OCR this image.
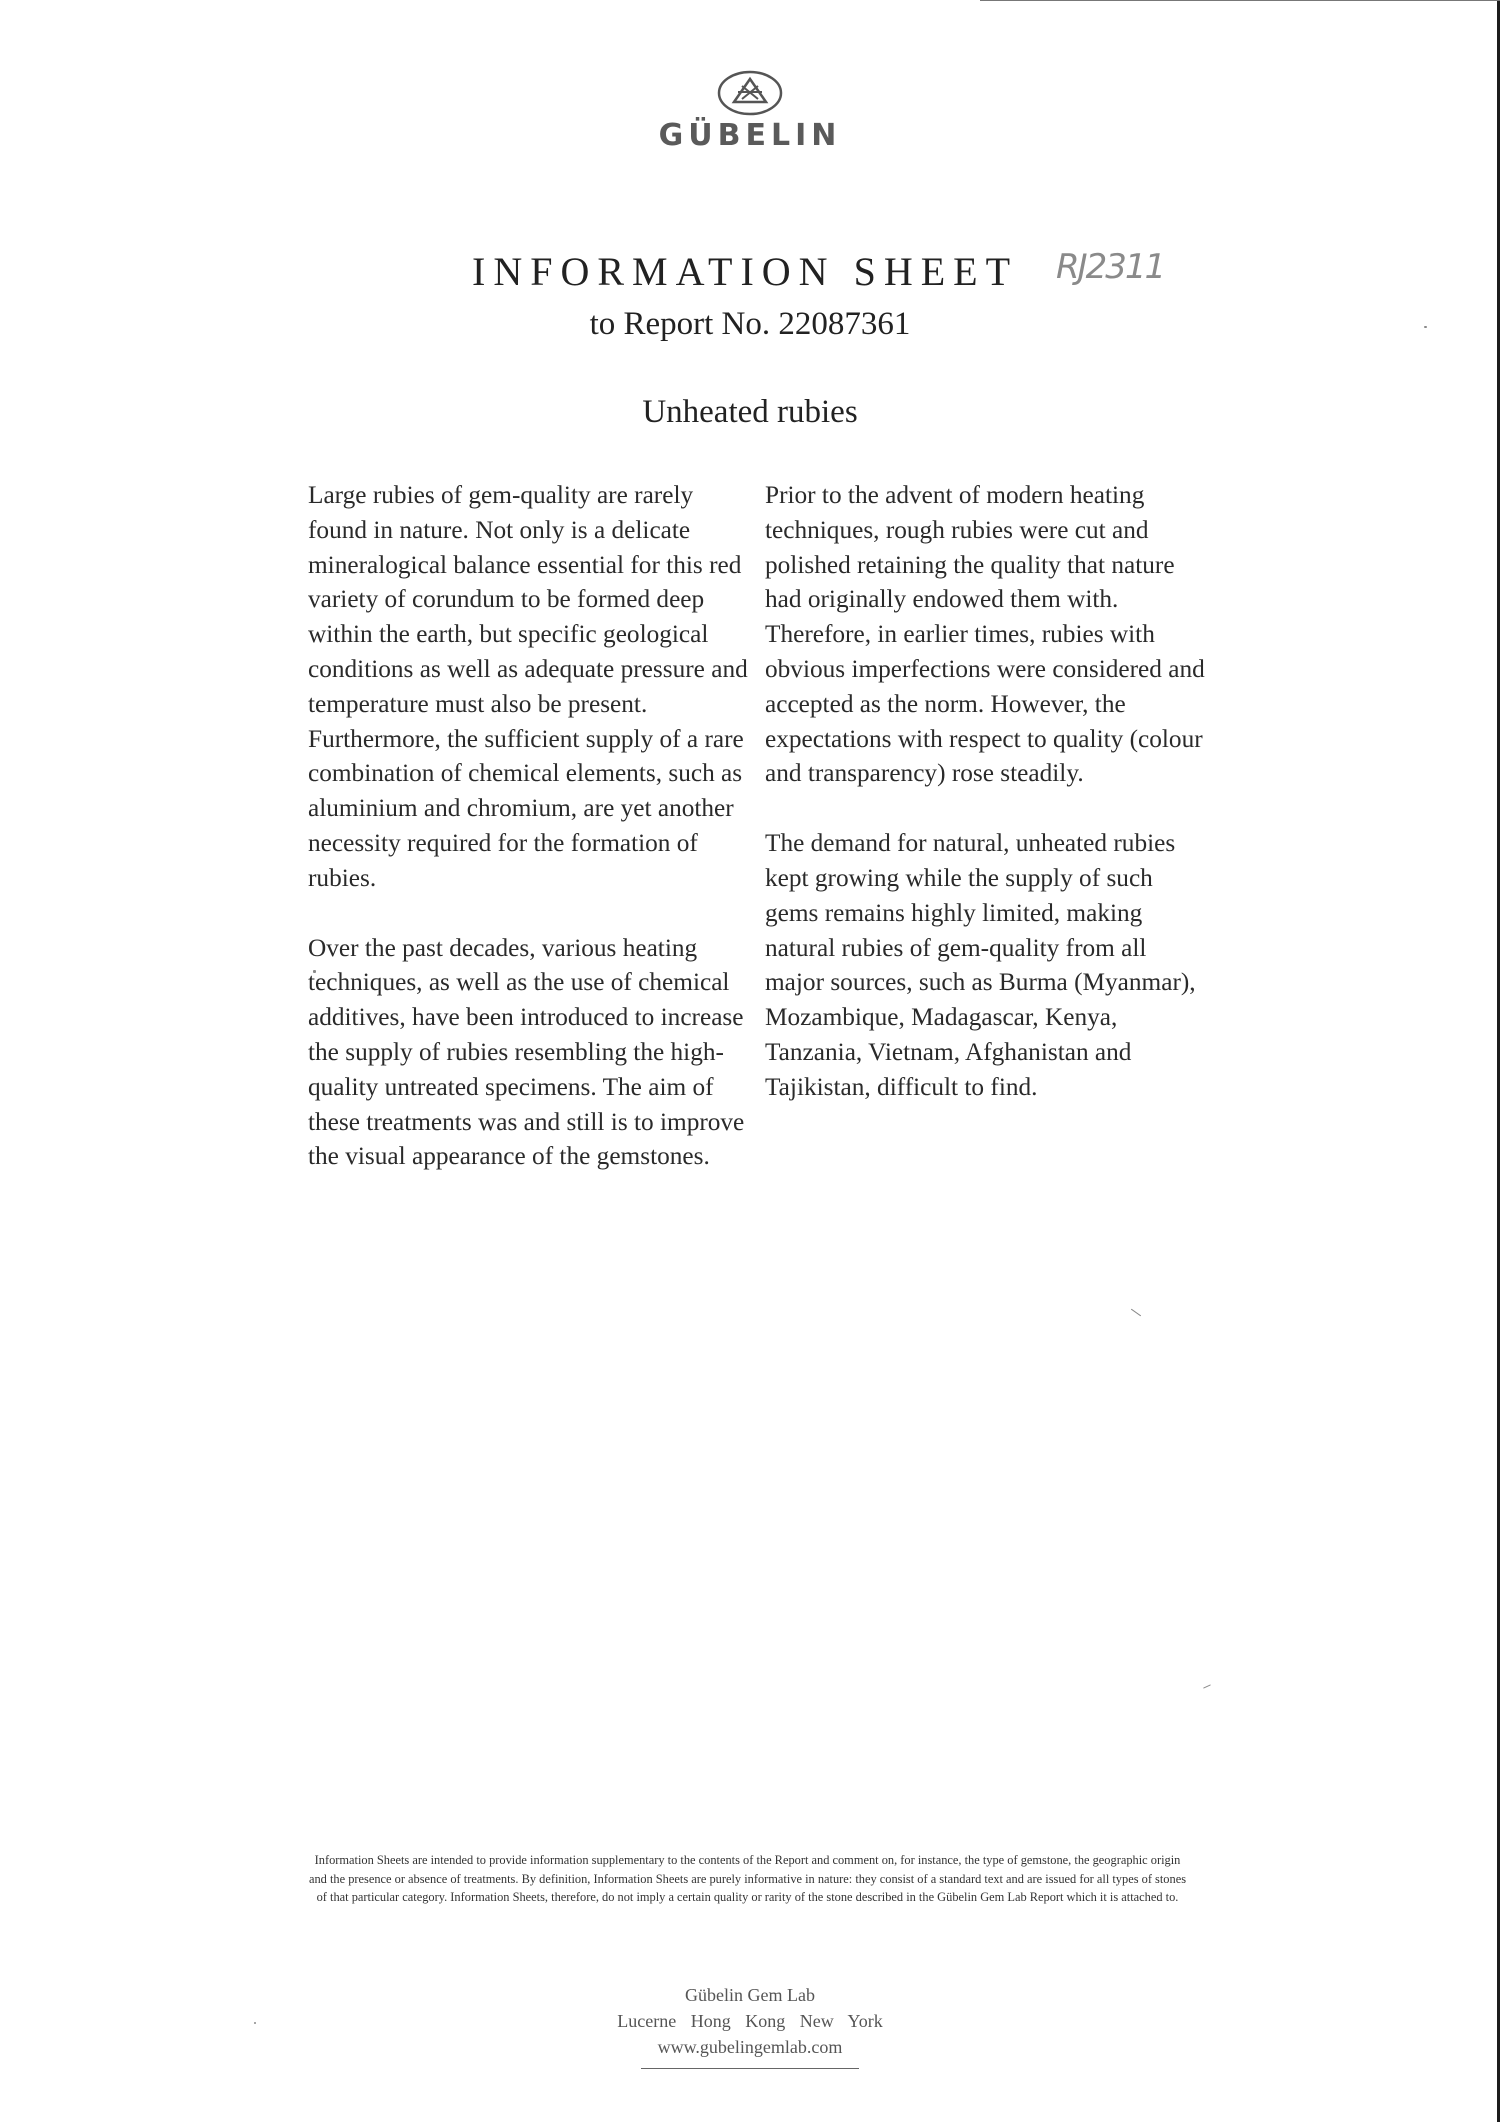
GÜBELIN
INFORMATION SHEET	RJ2311
to Report No. 22087361
Unheated rubies

Large rubies of gem-quality are rarely found in nature. Not only is a delicate mineralogical balance essential for this red variety of corundum to be formed deep within the earth, but specific geological conditions as well as adequate pressure and temperature must also be present. Furthermore, the sufficient supply of a rare combination of chemical elements, such as aluminium and chromium, are yet another necessity required for the formation of rubies.

Over the past decades, various heating techniques, as well as the use of chemical additives, have been introduced to increase the supply of rubies resembling the high-quality untreated specimens. The aim of these treatments was and still is to improve the visual appearance of the gemstones.

Prior to the advent of modern heating techniques, rough rubies were cut and polished retaining the quality that nature had originally endowed them with. Therefore, in earlier times, rubies with obvious imperfections were considered and accepted as the norm. However, the expectations with respect to quality (colour and transparency) rose steadily.

The demand for natural, unheated rubies kept growing while the supply of such gems remains highly limited, making natural rubies of gem-quality from all major sources, such as Burma (Myanmar), Mozambique, Madagascar, Kenya, Tanzania, Vietnam, Afghanistan and Tajikistan, difficult to find.

Information Sheets are intended to provide information supplementary to the contents of the Report and comment on, for instance, the type of gemstone, the geographic origin and the presence or absence of treatments. By definition, Information Sheets are purely informative in nature: they consist of a standard text and are issued for all types of stones of that particular category. Information Sheets, therefore, do not imply a certain quality or rarity of the stone described in the Gübelin Gem Lab Report which it is attached to.
Gübelin Gem Lab
Lucerne Hong Kong New York
www.gubelingemlab.com
